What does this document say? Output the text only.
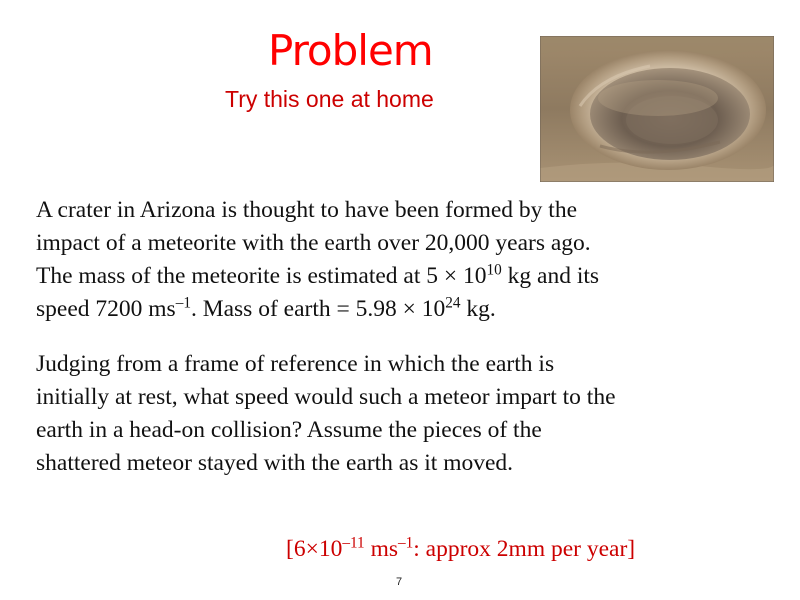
Problem
Try this one at home
A crater in Arizona is thought to have been formed by the
impact of a meteorite with the earth over 20,000 years ago.
The mass of the meteorite is estimated at $5 \times 10^{10}$ kg and its
speed 7200 $ms^{-1}$. Mass of earth = $5.98 \times 10^{24}$ kg.
Judging from a frame of reference in which the earth is
initially at rest, what speed would such a meteor impart to the
earth in a head-on collision? Assume the pieces of the
shattered meteor stayed with the earth as it moved.
[$6\times 10^{-11}$ $ms^{-1}$: approx 2mm per year]
7
